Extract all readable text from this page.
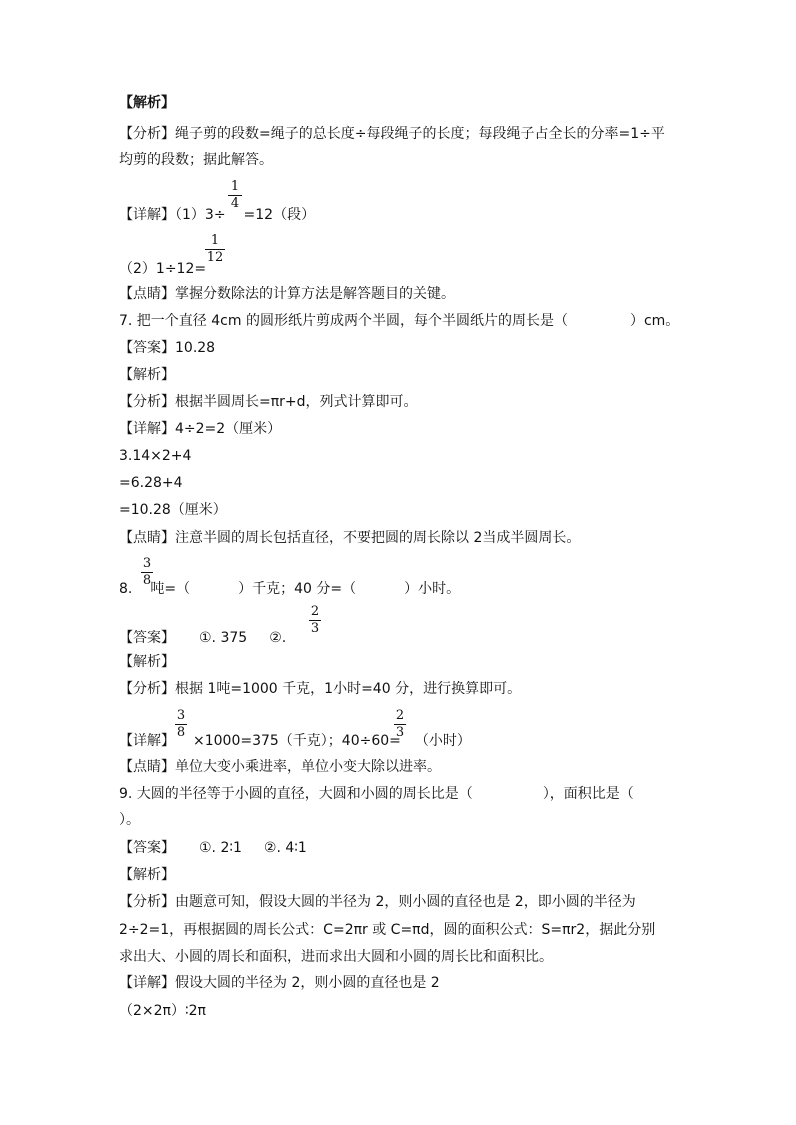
【解析】
【分析】绳子剪的段数=绳子的总长度÷每段绳子的长度；每段绳子占全长的分率=1÷平
均剪的段数；据此解答。
【详解】（1）3÷ =12（段）
1
4
（2）1÷12=
1
12
【点睛】掌握分数除法的计算方法是解答题目的关键。
7. 把一个直径 4cm 的圆形纸片剪成两个半圆，每个半圆纸片的周长是（	）cm。
【答案】10.28
【解析】
【分析】根据半圆周长=πr+d，列式计算即可。
【详解】4÷2=2（厘米）
3.14×2+4
=6.28+4
=10.28（厘米）
【点睛】注意半圆的周长包括直径，不要把圆的周长除以 2当成半圆周长。
8. 吨=（	）千克；40 分=（	）小时。
3
8
【答案】 ①. 375 ②.
2
3
【解析】
【分析】根据 1吨=1000 千克，1小时=40 分，进行换算即可。
【详解】 ×1000=375（千克）；40÷60= （小时）
3
8
2
3
【点睛】单位大变小乘进率，单位小变大除以进率。
9. 大圆的半径等于小圆的直径，大圆和小圆的周长比是（	），面积比是（
）。
【答案】 ①. 2∶1 ②. 4∶1
【解析】
【分析】由题意可知，假设大圆的半径为 2，则小圆的直径也是 2，即小圆的半径为
2÷2=1，再根据圆的周长公式：C=2πr 或 C=πd，圆的面积公式：S=πr2，据此分别
求出大、小圆的周长和面积，进而求出大圆和小圆的周长比和面积比。
【详解】假设大圆的半径为 2，则小圆的直径也是 2
（2×2π）∶2π
